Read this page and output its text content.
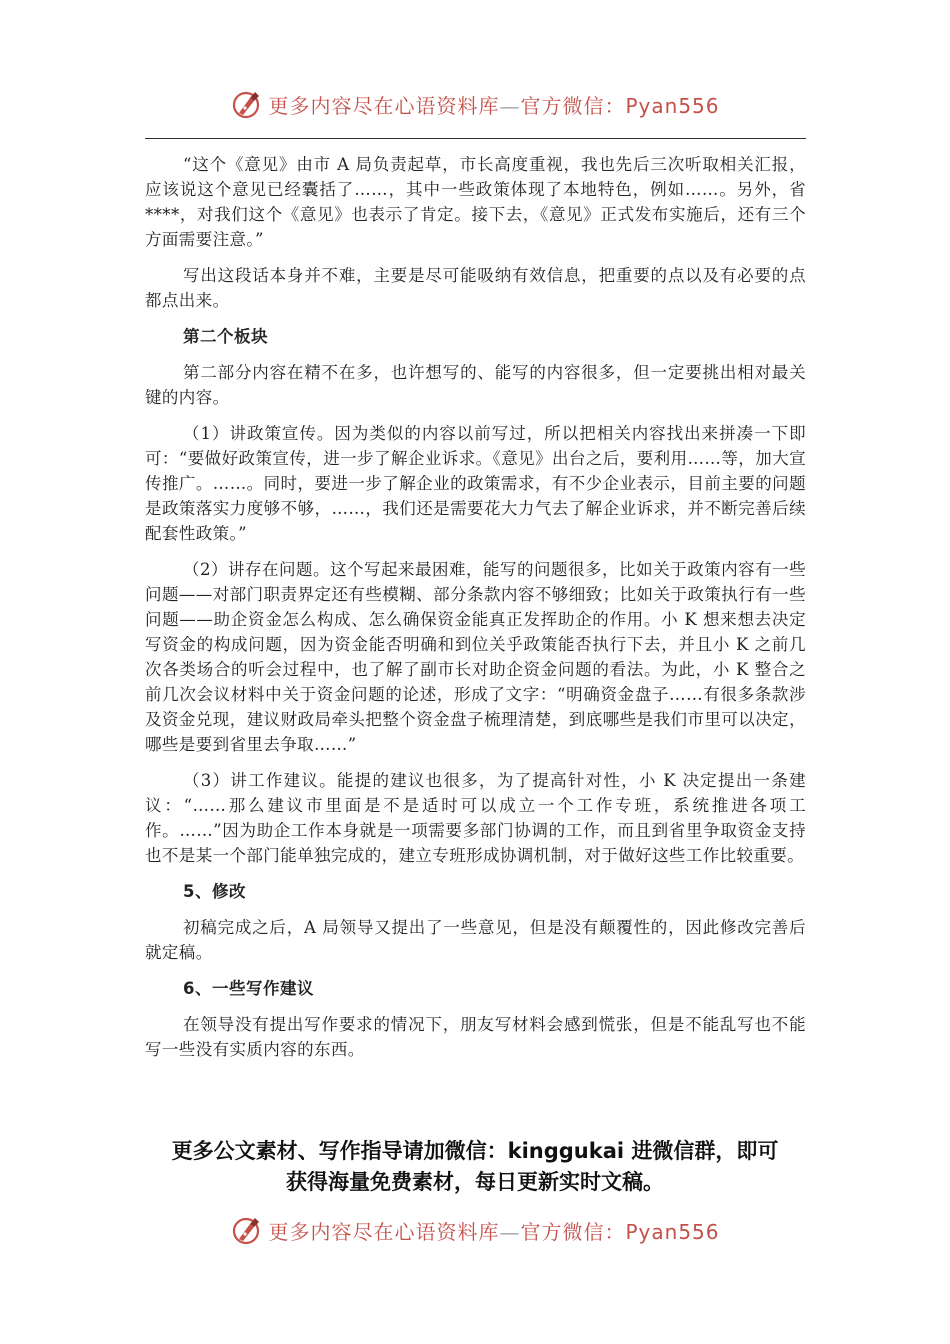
更多内容尽在心语资料库—官方微信：Pyan556

“这个《意见》由市 A 局负责起草，市长高度重视，我也先后三次听取相关汇报，应该说这个意见已经囊括了……，其中一些政策体现了本地特色，例如……。另外，省****，对我们这个《意见》也表示了肯定。接下去，《意见》正式发布实施后，还有三个方面需要注意。”

写出这段话本身并不难，主要是尽可能吸纳有效信息，把重要的点以及有必要的点都点出来。

第二个板块

第二部分内容在精不在多，也许想写的、能写的内容很多，但一定要挑出相对最关键的内容。

（1）讲政策宣传。因为类似的内容以前写过，所以把相关内容找出来拼凑一下即可：“要做好政策宣传，进一步了解企业诉求。《意见》出台之后，要利用……等，加大宣传推广。……。同时，要进一步了解企业的政策需求，有不少企业表示，目前主要的问题是政策落实力度够不够，……，我们还是需要花大力气去了解企业诉求，并不断完善后续配套性政策。”

（2）讲存在问题。这个写起来最困难，能写的问题很多，比如关于政策内容有一些问题——对部门职责界定还有些模糊、部分条款内容不够细致；比如关于政策执行有一些问题——助企资金怎么构成、怎么确保资金能真正发挥助企的作用。小 K 想来想去决定写资金的构成问题，因为资金能否明确和到位关乎政策能否执行下去，并且小 K 之前几次各类场合的听会过程中，也了解了副市长对助企资金问题的看法。为此，小 K 整合之前几次会议材料中关于资金问题的论述，形成了文字：“明确资金盘子……有很多条款涉及资金兑现，建议财政局牵头把整个资金盘子梳理清楚，到底哪些是我们市里可以决定，哪些是要到省里去争取……”

（3）讲工作建议。能提的建议也很多，为了提高针对性，小 K 决定提出一条建议：“……那么建议市里面是不是适时可以成立一个工作专班，系统推进各项工作。……”因为助企工作本身就是一项需要多部门协调的工作，而且到省里争取资金支持也不是某一个部门能单独完成的，建立专班形成协调机制，对于做好这些工作比较重要。

5、修改

初稿完成之后，A 局领导又提出了一些意见，但是没有颠覆性的，因此修改完善后就定稿。

6、一些写作建议

在领导没有提出写作要求的情况下，朋友写材料会感到慌张，但是不能乱写也不能写一些没有实质内容的东西。

更多公文素材、写作指导请加微信：kinggukai 进微信群，即可
获得海量免费素材，每日更新实时文稿。
更多内容尽在心语资料库—官方微信：Pyan556
